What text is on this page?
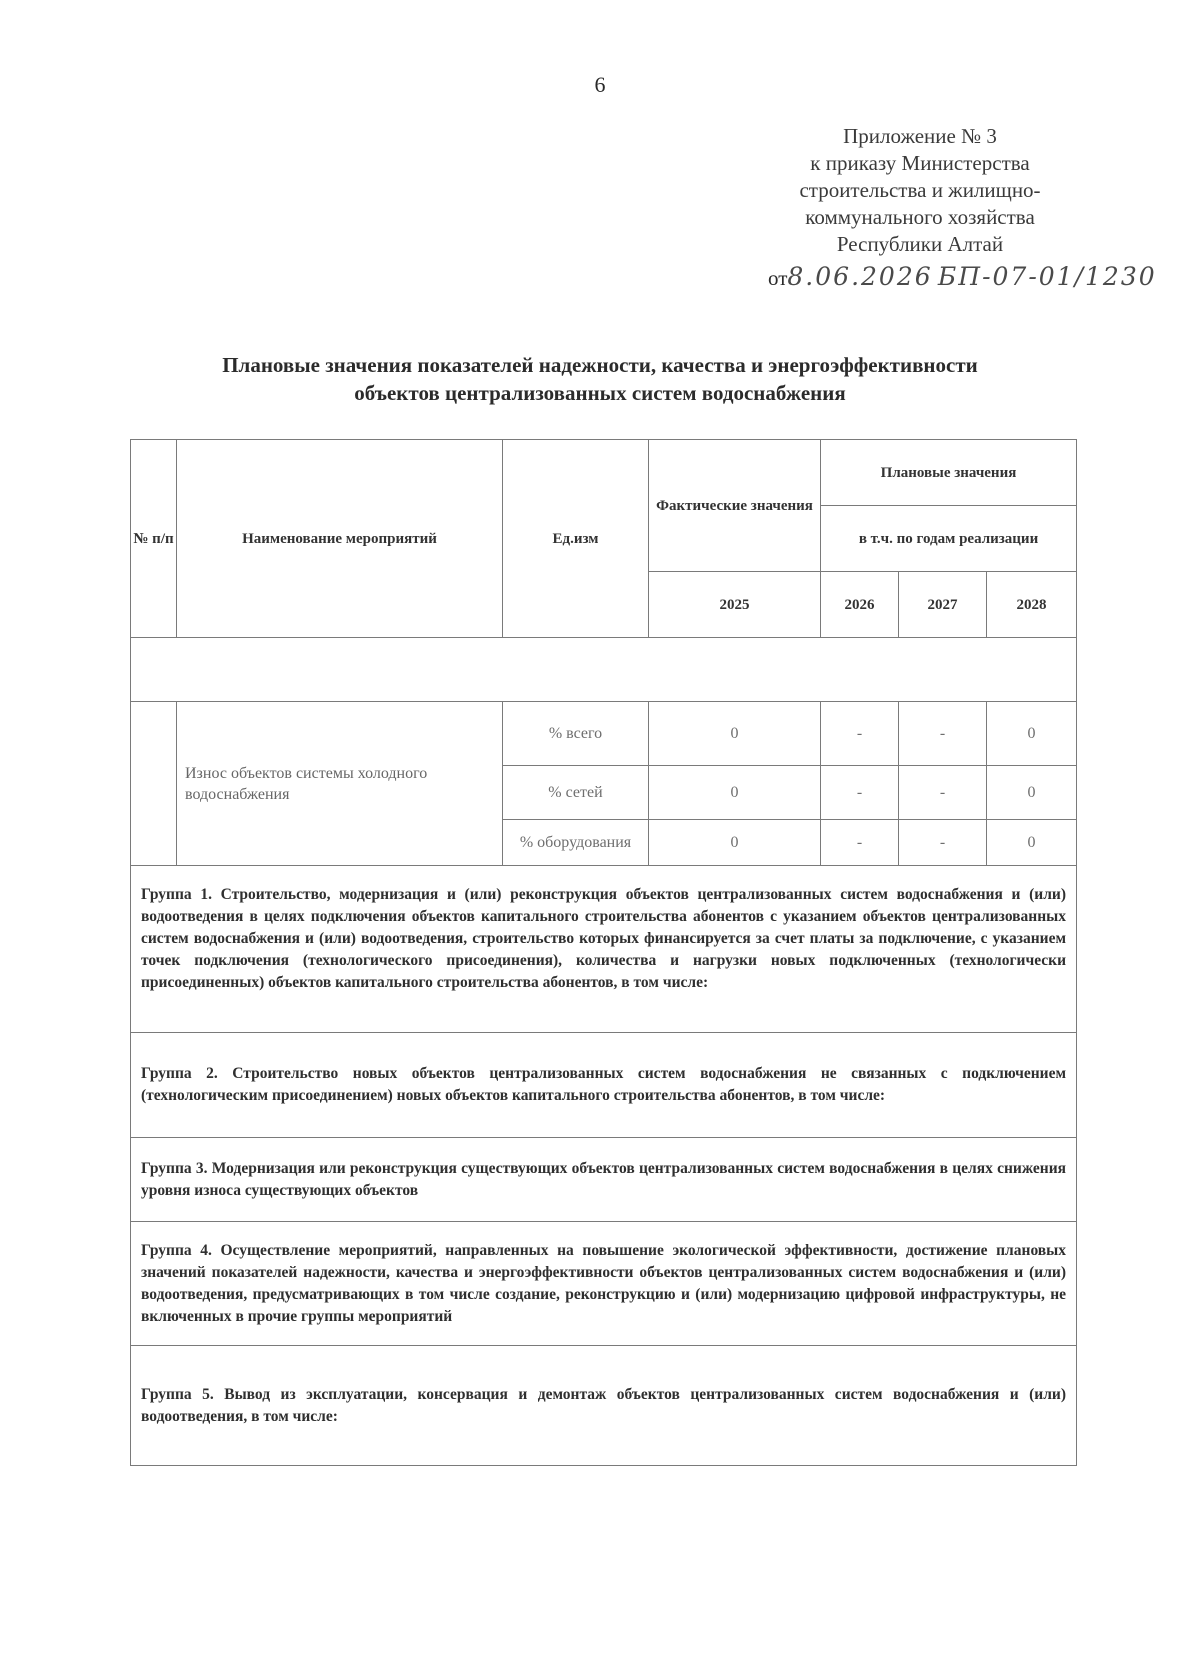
6
Приложение № 3
к приказу Министерства
строительства и жилищно-
коммунального хозяйства
Республики Алтай
от8.06.2026 БП-07-01/1230
Плановые значения показателей надежности, качества и энергоэффективности
объектов централизованных систем водоснабжения
№ п/п	Наименование мероприятий	Ед.изм	Фактические значения	Плановые значения		
				в т.ч. по годам реализации		
			2025	2026	2027	2028

	Износ объектов системы холодного водоснабжения	% всего	0	-	-	0
		% сетей	0	-	-	0
		% оборудования	0	-	-	0

Группа 1. Строительство, модернизация и (или) реконструкция объектов централизованных систем водоснабжения и (или) водоотведения в целях подключения объектов капитального строительства абонентов с указанием объектов централизованных систем водоснабжения и (или) водоотведения, строительство которых финансируется за счет платы за подключение, с указанием точек подключения (технологического присоединения), количества и нагрузки новых подключенных (технологически присоединенных) объектов капитального строительства абонентов, в том числе:						

Группа 2. Строительство новых объектов централизованных систем водоснабжения не связанных с подключением (технологическим присоединением) новых объектов капитального строительства абонентов, в том числе:						

Группа 3. Модернизация или реконструкция существующих объектов централизованных систем водоснабжения в целях снижения уровня износа существующих объектов						

Группа 4. Осуществление мероприятий, направленных на повышение экологической эффективности, достижение плановых значений показателей надежности, качества и энергоэффективности объектов централизованных систем водоснабжения и (или) водоотведения, предусматривающих в том числе создание, реконструкцию и (или) модернизацию цифровой инфраструктуры, не включенных в прочие группы мероприятий						

Группа 5. Вывод из эксплуатации, консервация и демонтаж объектов централизованных систем водоснабжения и (или) водоотведения, в том числе:						
